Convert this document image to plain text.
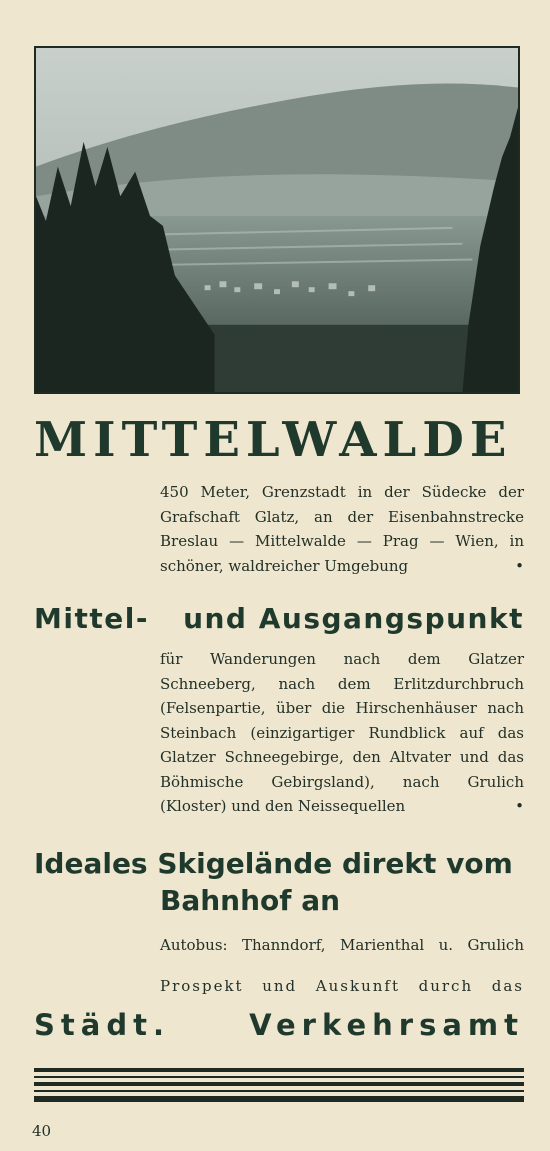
MITTELWALDE
450 Meter, Grenzstadt in der Südecke der Grafschaft Glatz, an der Eisenbahnstrecke Breslau — Mittelwalde — Prag — Wien, in schöner, waldreicher Umgebung	•
Mittel- und Ausgangspunkt
für Wanderungen nach dem Glatzer Schneeberg, nach dem Erlitzdurchbruch (Felsenpartie, über die Hirschenhäuser nach Steinbach (einzigartiger Rundblick auf das Glatzer Schneegebirge, den Altvater und das Böhmische Gebirgsland), nach Grulich (Kloster) und den Neissequellen	•
Ideales Skigelände direkt vom
Bahnhof an
Autobus: Thanndorf, Marienthal u. Grulich
Prospekt und Auskunft durch das
Städt. Verkehrsamt
40
